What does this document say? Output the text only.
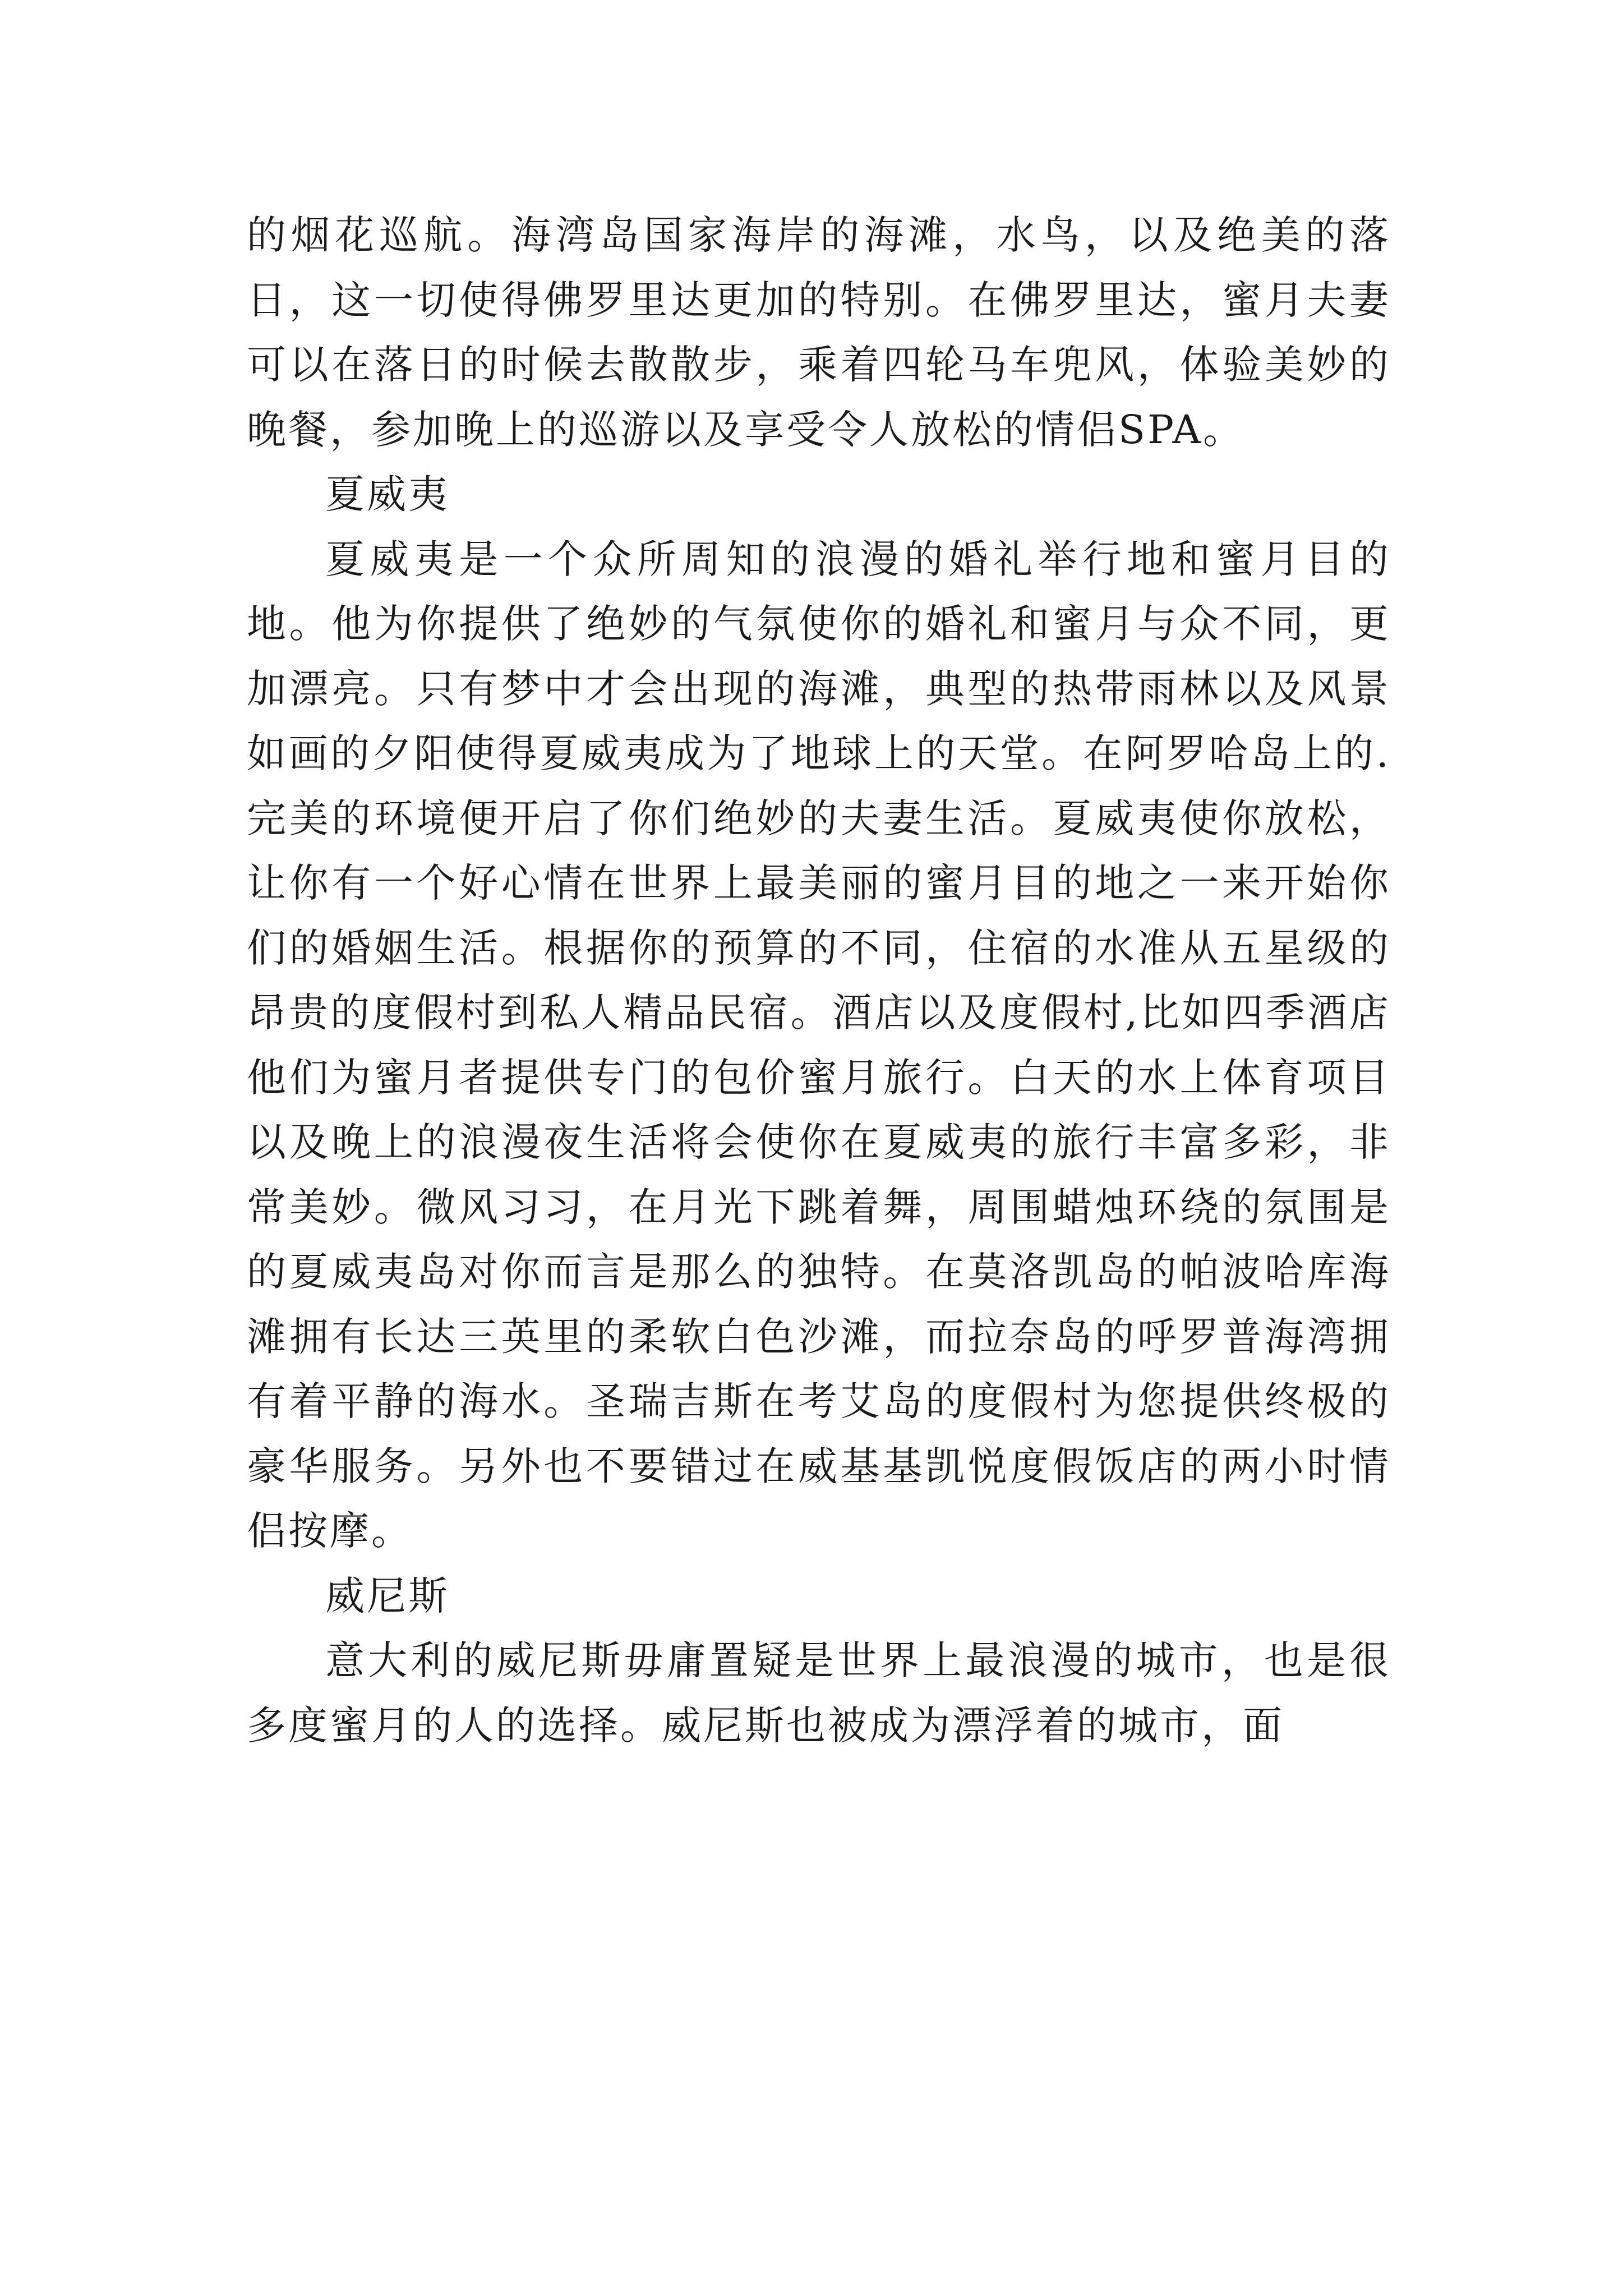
的烟花巡航。海湾岛国家海岸的海滩，水鸟，以及绝美的落日，这一切使得佛罗里达更加的特别。在佛罗里达，蜜月夫妻可以在落日的时候去散散步，乘着四轮马车兜风，体验美妙的晚餐，参加晚上的巡游以及享受令人放松的情侣SPA。

夏威夷

夏威夷是一个众所周知的浪漫的婚礼举行地和蜜月目的地。他为你提供了绝妙的气氛使你的婚礼和蜜月与众不同，更加漂亮。只有梦中才会出现的海滩，典型的热带雨林以及风景如画的夕阳使得夏威夷成为了地球上的天堂。在阿罗哈岛上的.完美的环境便开启了你们绝妙的夫妻生活。夏威夷使你放松，让你有一个好心情在世界上最美丽的蜜月目的地之一来开始你们的婚姻生活。根据你的预算的不同，住宿的水准从五星级的昂贵的度假村到私人精品民宿。酒店以及度假村,比如四季酒店他们为蜜月者提供专门的包价蜜月旅行。白天的水上体育项目以及晚上的浪漫夜生活将会使你在夏威夷的旅行丰富多彩，非常美妙。微风习习，在月光下跳着舞，周围蜡烛环绕的氛围是的夏威夷岛对你而言是那么的独特。在莫洛凯岛的帕波哈库海滩拥有长达三英里的柔软白色沙滩，而拉奈岛的呼罗普海湾拥有着平静的海水。圣瑞吉斯在考艾岛的度假村为您提供终极的豪华服务。另外也不要错过在威基基凯悦度假饭店的两小时情侣按摩。

威尼斯

意大利的威尼斯毋庸置疑是世界上最浪漫的城市，也是很多度蜜月的人的选择。威尼斯也被成为漂浮着的城市，面
